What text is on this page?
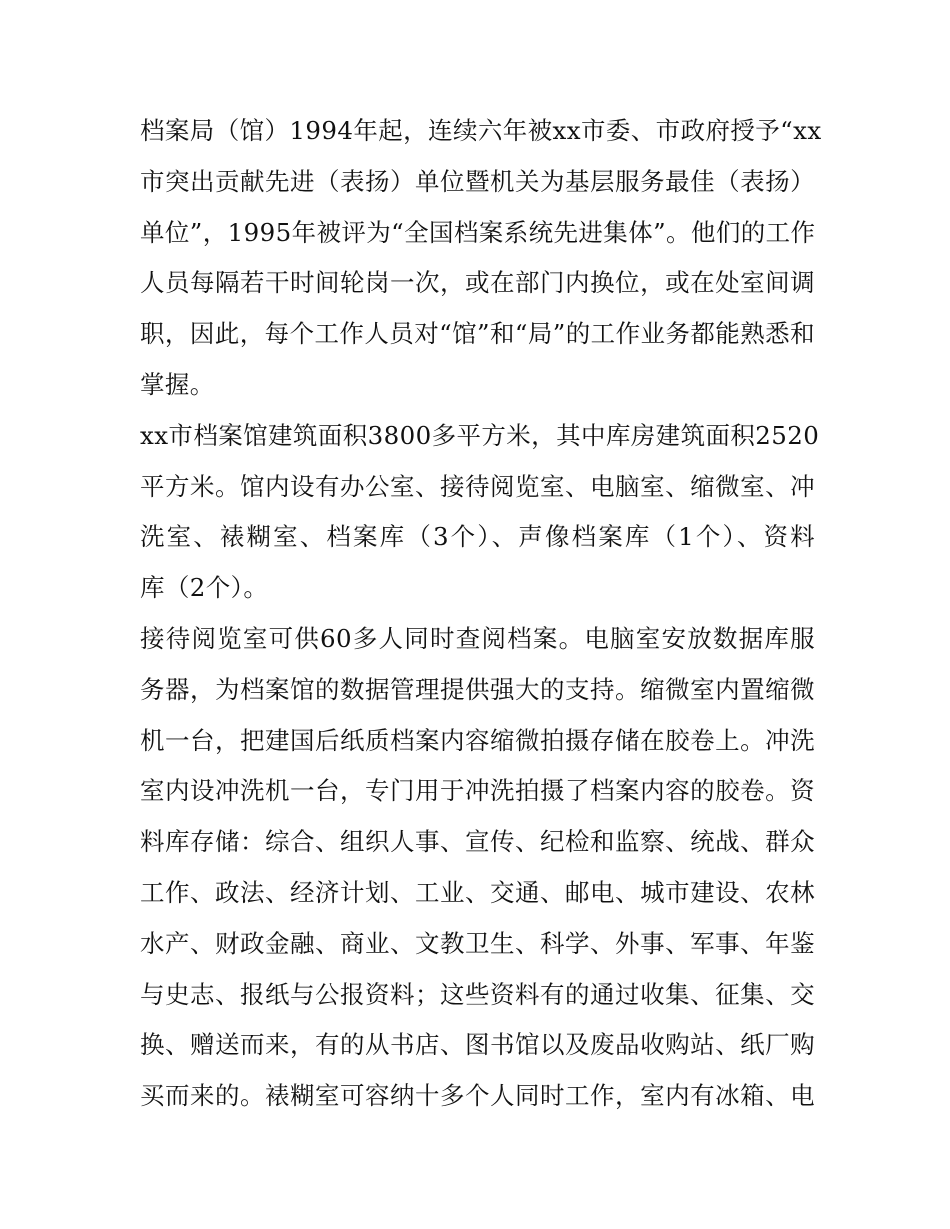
档案局（馆）1994年起，连续六年被xx市委、市政府授予“xx
市突出贡献先进（表扬）单位暨机关为基层服务最佳（表扬）
单位”，1995年被评为“全国档案系统先进集体”。他们的工作
人员每隔若干时间轮岗一次，或在部门内换位，或在处室间调
职，因此，每个工作人员对“馆”和“局”的工作业务都能熟悉和
掌握。
xx市档案馆建筑面积3800多平方米，其中库房建筑面积2520
平方米。馆内设有办公室、接待阅览室、电脑室、缩微室、冲
洗室、裱糊室、档案库（3个）、声像档案库（1个）、资料
库（2个）。
接待阅览室可供60多人同时查阅档案。电脑室安放数据库服
务器，为档案馆的数据管理提供强大的支持。缩微室内置缩微
机一台，把建国后纸质档案内容缩微拍摄存储在胶卷上。冲洗
室内设冲洗机一台，专门用于冲洗拍摄了档案内容的胶卷。资
料库存储：综合、组织人事、宣传、纪检和监察、统战、群众
工作、政法、经济计划、工业、交通、邮电、城市建设、农林
水产、财政金融、商业、文教卫生、科学、外事、军事、年鉴
与史志、报纸与公报资料；这些资料有的通过收集、征集、交
换、赠送而来，有的从书店、图书馆以及废品收购站、纸厂购
买而来的。裱糊室可容纳十多个人同时工作，室内有冰箱、电
